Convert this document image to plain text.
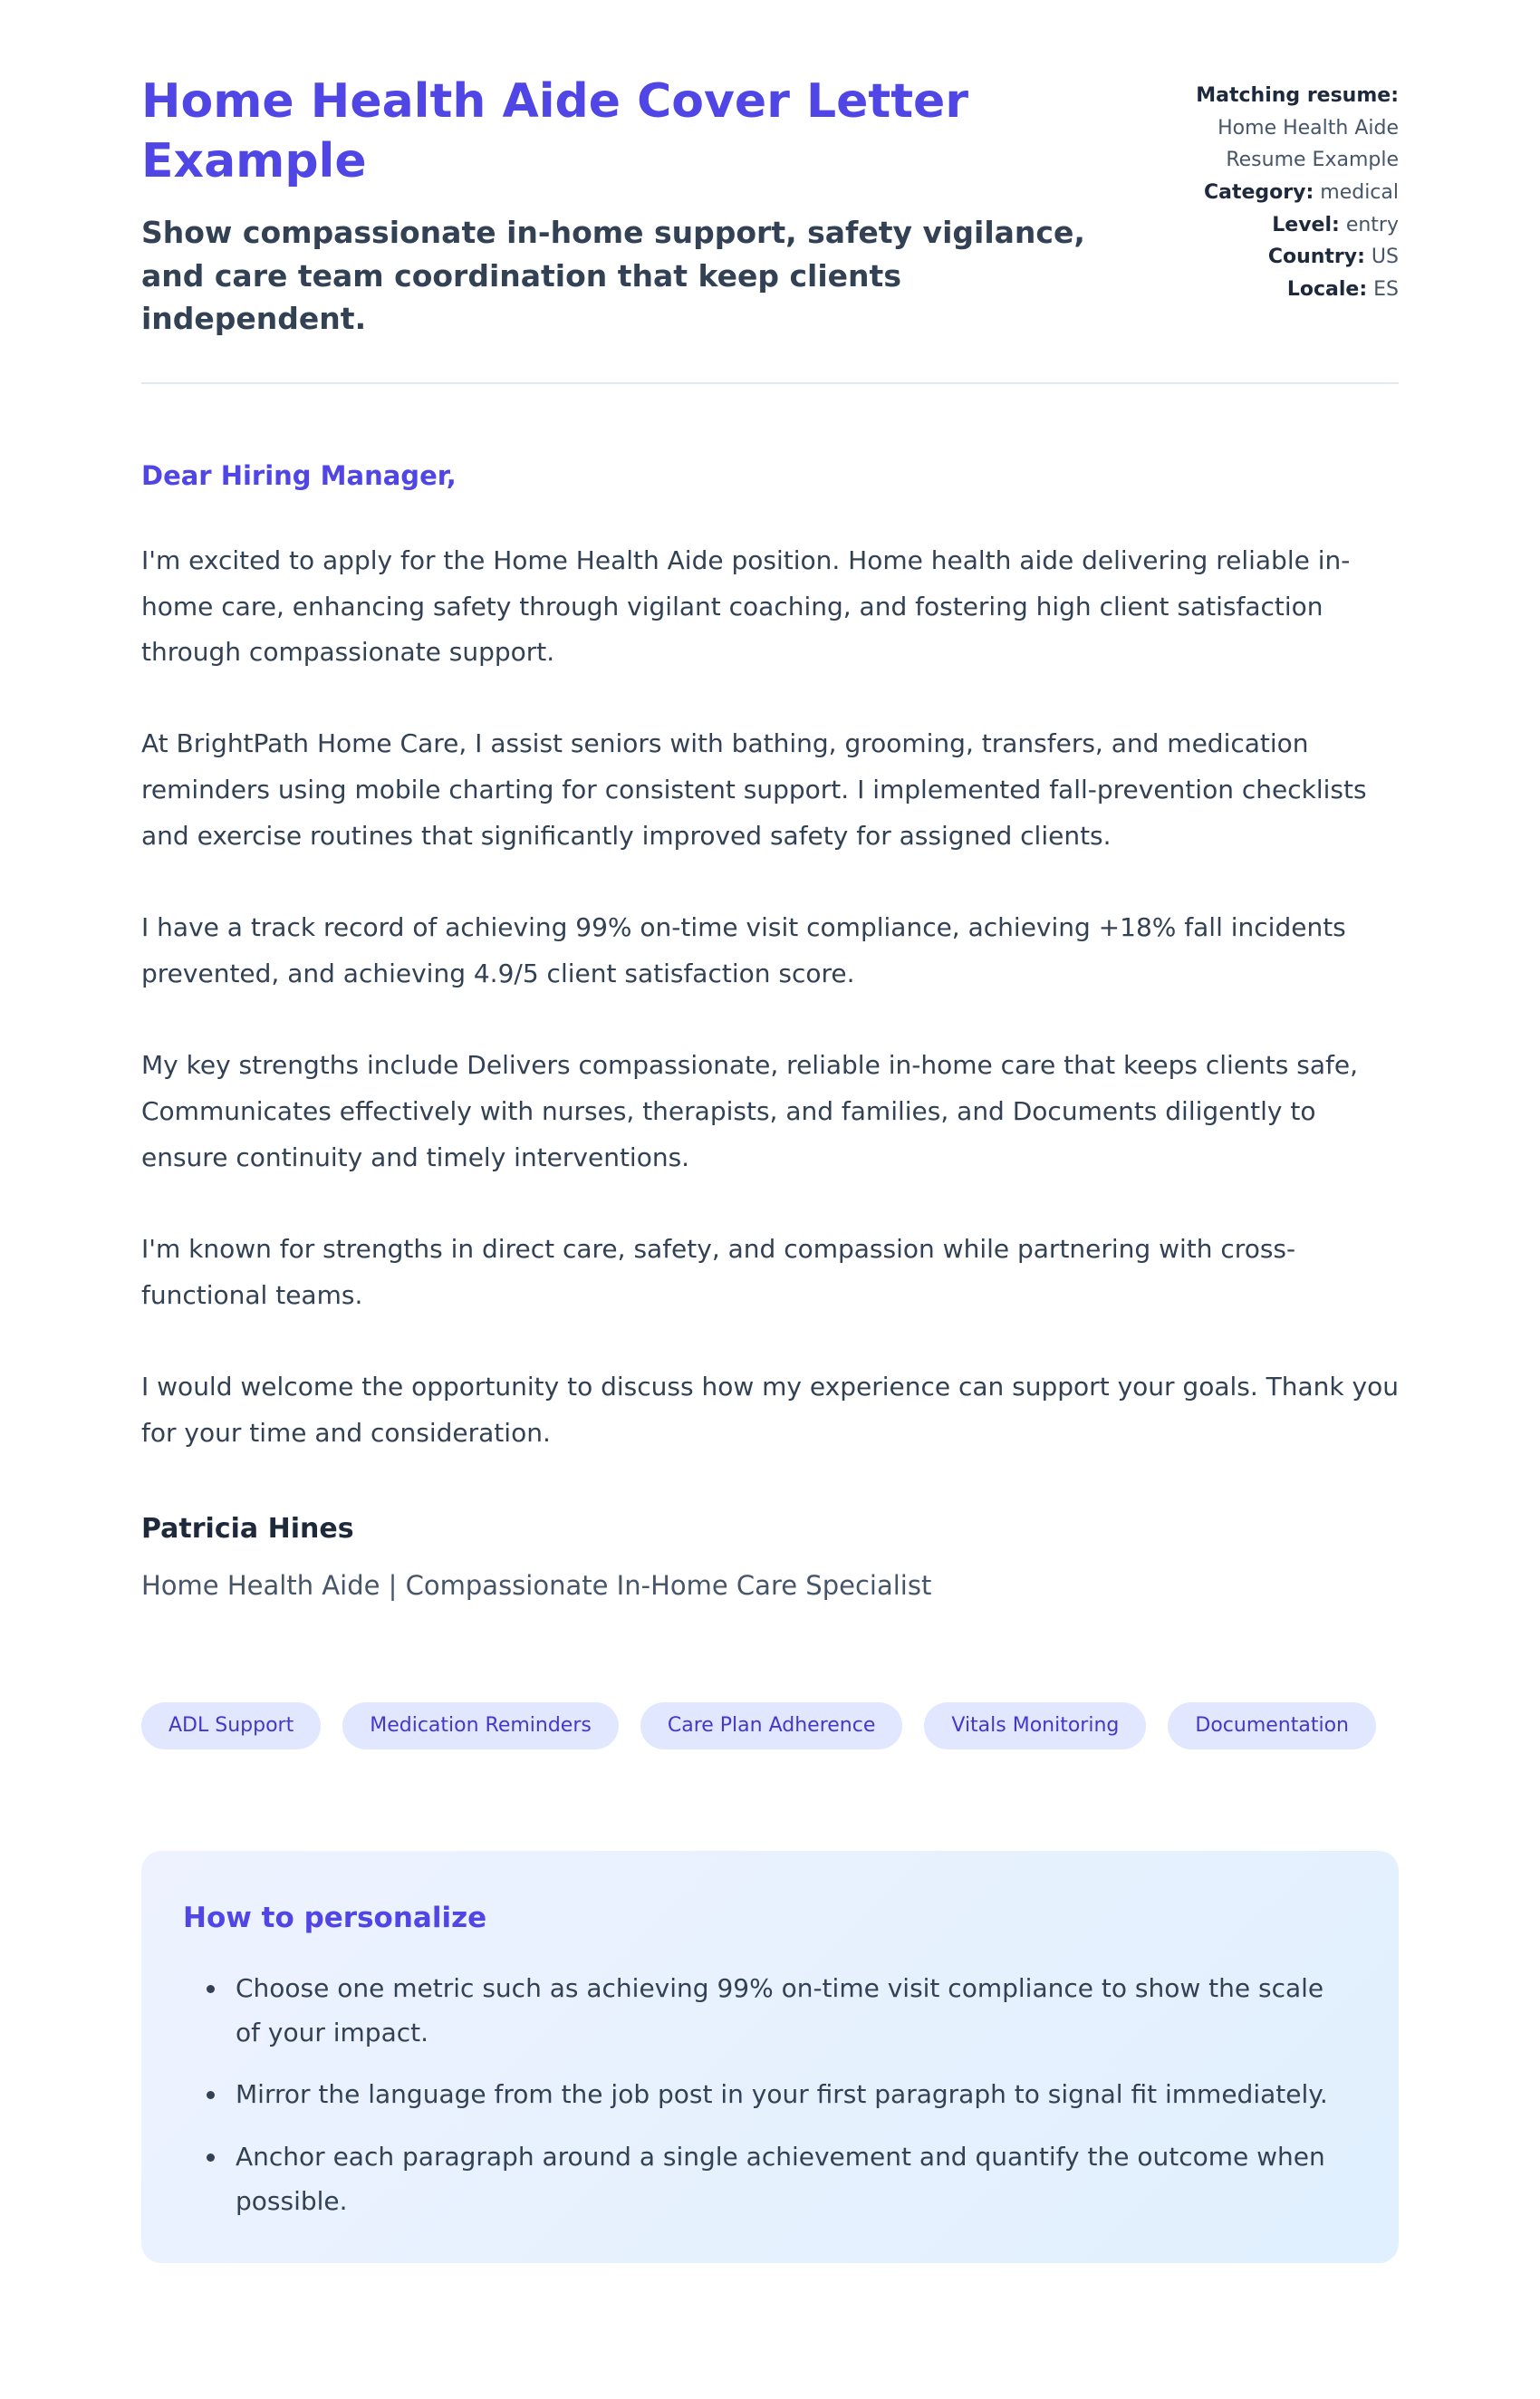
Home Health Aide Cover Letter Example

Show compassionate in-home support, safety vigilance, and care team coordination that keep clients independent.

Matching resume:
Home Health Aide Resume Example
Category: medical
Level: entry
Country: US
Locale: ES

Dear Hiring Manager,

I'm excited to apply for the Home Health Aide position. Home health aide delivering reliable in-home care, enhancing safety through vigilant coaching, and fostering high client satisfaction through compassionate support.

At BrightPath Home Care, I assist seniors with bathing, grooming, transfers, and medication reminders using mobile charting for consistent support. I implemented fall-prevention checklists and exercise routines that significantly improved safety for assigned clients.

I have a track record of achieving 99% on-time visit compliance, achieving +18% fall incidents prevented, and achieving 4.9/5 client satisfaction score.

My key strengths include Delivers compassionate, reliable in-home care that keeps clients safe, Communicates effectively with nurses, therapists, and families, and Documents diligently to ensure continuity and timely interventions.

I'm known for strengths in direct care, safety, and compassion while partnering with cross-functional teams.

I would welcome the opportunity to discuss how my experience can support your goals. Thank you for your time and consideration.

Patricia Hines

Home Health Aide | Compassionate In-Home Care Specialist

ADL Support	Medication Reminders	Care Plan Adherence	Vitals Monitoring	Documentation
How to personalize
• Choose one metric such as achieving 99% on-time visit compliance to show the scale of your impact.
• Mirror the language from the job post in your first paragraph to signal fit immediately.
• Anchor each paragraph around a single achievement and quantify the outcome when possible.
